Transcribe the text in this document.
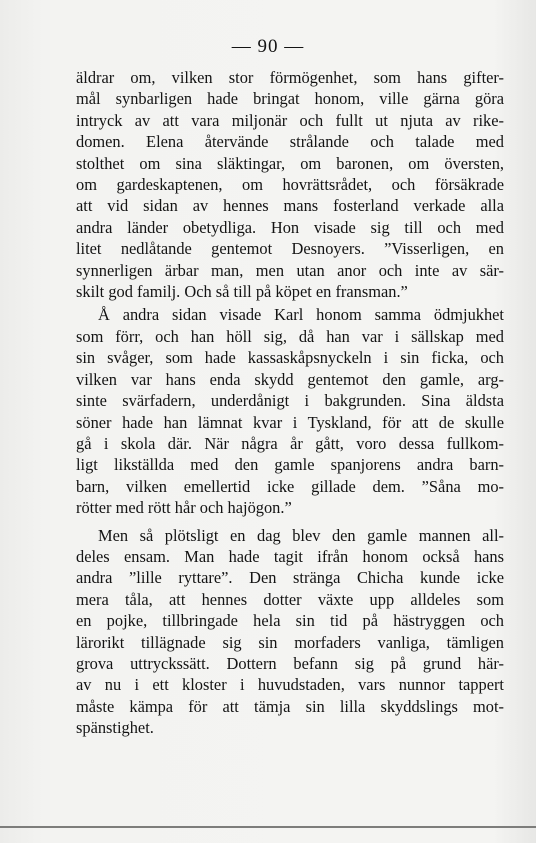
— 90 —

äldrar om, vilken stor förmögenhet, som hans gifter-
mål synbarligen hade bringat honom, ville gärna göra
intryck av att vara miljonär och fullt ut njuta av rike-
domen. Elena återvände strålande och talade med
stolthet om sina släktingar, om baronen, om översten,
om gardeskaptenen, om hovrättsrådet, och försäkrade
att vid sidan av hennes mans fosterland verkade alla
andra länder obetydliga. Hon visade sig till och med
litet nedlåtande gentemot Desnoyers. ”Visserligen, en
synnerligen ärbar man, men utan anor och inte av sär-
skilt god familj. Och så till på köpet en fransman.”

Å andra sidan visade Karl honom samma ödmjukhet
som förr, och han höll sig, då han var i sällskap med
sin svåger, som hade kassaskåpsnyckeln i sin ficka, och
vilken var hans enda skydd gentemot den gamle, arg-
sinte svärfadern, underdånigt i bakgrunden. Sina äldsta
söner hade han lämnat kvar i Tyskland, för att de skulle
gå i skola där. När några år gått, voro dessa fullkom-
ligt likställda med den gamle spanjorens andra barn-
barn, vilken emellertid icke gillade dem. ”Såna mo-
rötter med rött hår och hajögon.”

Men så plötsligt en dag blev den gamle mannen all-
deles ensam. Man hade tagit ifrån honom också hans
andra ”lille ryttare”. Den stränga Chicha kunde icke
mera tåla, att hennes dotter växte upp alldeles som
en pojke, tillbringade hela sin tid på hästryggen och
lärorikt tillägnade sig sin morfaders vanliga, tämligen
grova uttryckssätt. Dottern befann sig på grund här-
av nu i ett kloster i huvudstaden, vars nunnor tappert
måste kämpa för att tämja sin lilla skyddslings mot-
spänstighet.
